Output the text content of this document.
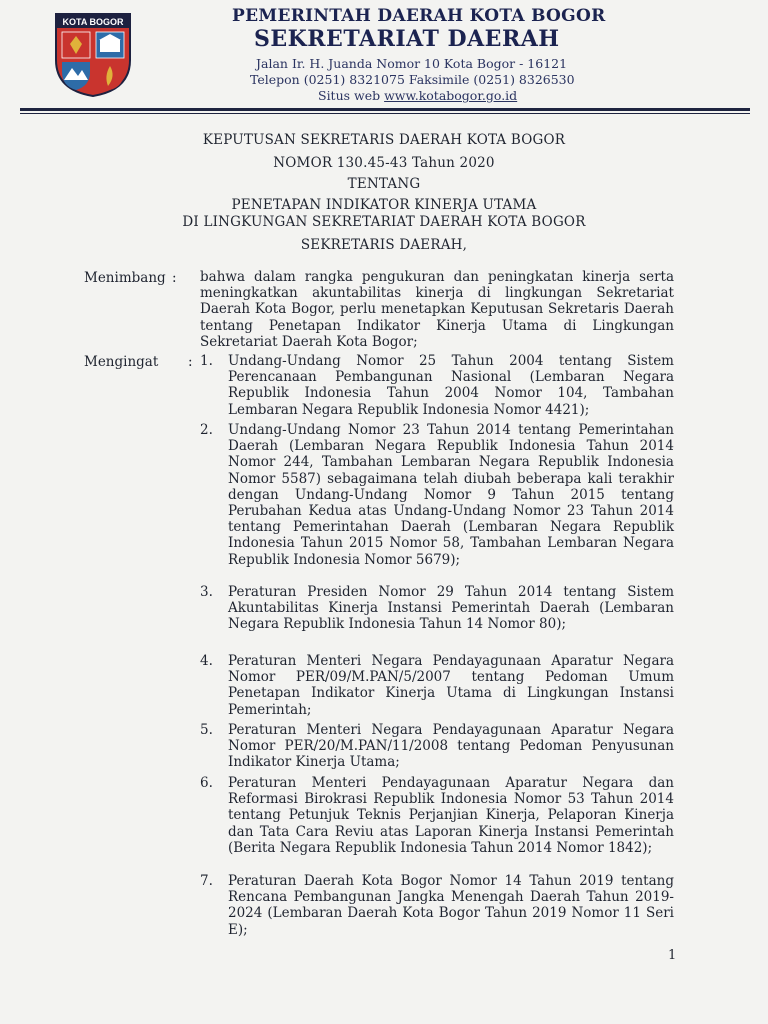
KOTA BOGOR	PEMERINTAH DAERAH KOTA BOGOR
SEKRETARIAT DAERAH
Jalan Ir. H. Juanda Nomor 10 Kota Bogor - 16121
Telepon (0251) 8321075 Faksimile (0251) 8326530
Situs web www.kotabogor.go.id
KEPUTUSAN SEKRETARIS DAERAH KOTA BOGOR
NOMOR 130.45-43 Tahun 2020
TENTANG
PENETAPAN INDIKATOR KINERJA UTAMA
DI LINGKUNGAN SEKRETARIAT DAERAH KOTA BOGOR
SEKRETARIS DAERAH,
Menimbang : bahwa dalam rangka pengukuran dan peningkatan kinerja serta meningkatkan akuntabilitas kinerja di lingkungan Sekretariat Daerah Kota Bogor, perlu menetapkan Keputusan Sekretaris Daerah tentang Penetapan Indikator Kinerja Utama di Lingkungan Sekretariat Daerah Kota Bogor;
Mengingat : 1. Undang-Undang Nomor 25 Tahun 2004 tentang Sistem Perencanaan Pembangunan Nasional (Lembaran Negara Republik Indonesia Tahun 2004 Nomor 104, Tambahan Lembaran Negara Republik Indonesia Nomor 4421);
2. Undang-Undang Nomor 23 Tahun 2014 tentang Pemerintahan Daerah (Lembaran Negara Republik Indonesia Tahun 2014 Nomor 244, Tambahan Lembaran Negara Republik Indonesia Nomor 5587) sebagaimana telah diubah beberapa kali terakhir dengan Undang-Undang Nomor 9 Tahun 2015 tentang Perubahan Kedua atas Undang-Undang Nomor 23 Tahun 2014 tentang Pemerintahan Daerah (Lembaran Negara Republik Indonesia Tahun 2015 Nomor 58, Tambahan Lembaran Negara Republik Indonesia Nomor 5679);
3. Peraturan Presiden Nomor 29 Tahun 2014 tentang Sistem Akuntabilitas Kinerja Instansi Pemerintah Daerah (Lembaran Negara Republik Indonesia Tahun 14 Nomor 80);
4. Peraturan Menteri Negara Pendayagunaan Aparatur Negara Nomor PER/09/M.PAN/5/2007 tentang Pedoman Umum Penetapan Indikator Kinerja Utama di Lingkungan Instansi Pemerintah;
5. Peraturan Menteri Negara Pendayagunaan Aparatur Negara Nomor PER/20/M.PAN/11/2008 tentang Pedoman Penyusunan Indikator Kinerja Utama;
6. Peraturan Menteri Pendayagunaan Aparatur Negara dan Reformasi Birokrasi Republik Indonesia Nomor 53 Tahun 2014 tentang Petunjuk Teknis Perjanjian Kinerja, Pelaporan Kinerja dan Tata Cara Reviu atas Laporan Kinerja Instansi Pemerintah (Berita Negara Republik Indonesia Tahun 2014 Nomor 1842);
7. Peraturan Daerah Kota Bogor Nomor 14 Tahun 2019 tentang Rencana Pembangunan Jangka Menengah Daerah Tahun 2019-2024 (Lembaran Daerah Kota Bogor Tahun 2019 Nomor 11 Seri E);
1
